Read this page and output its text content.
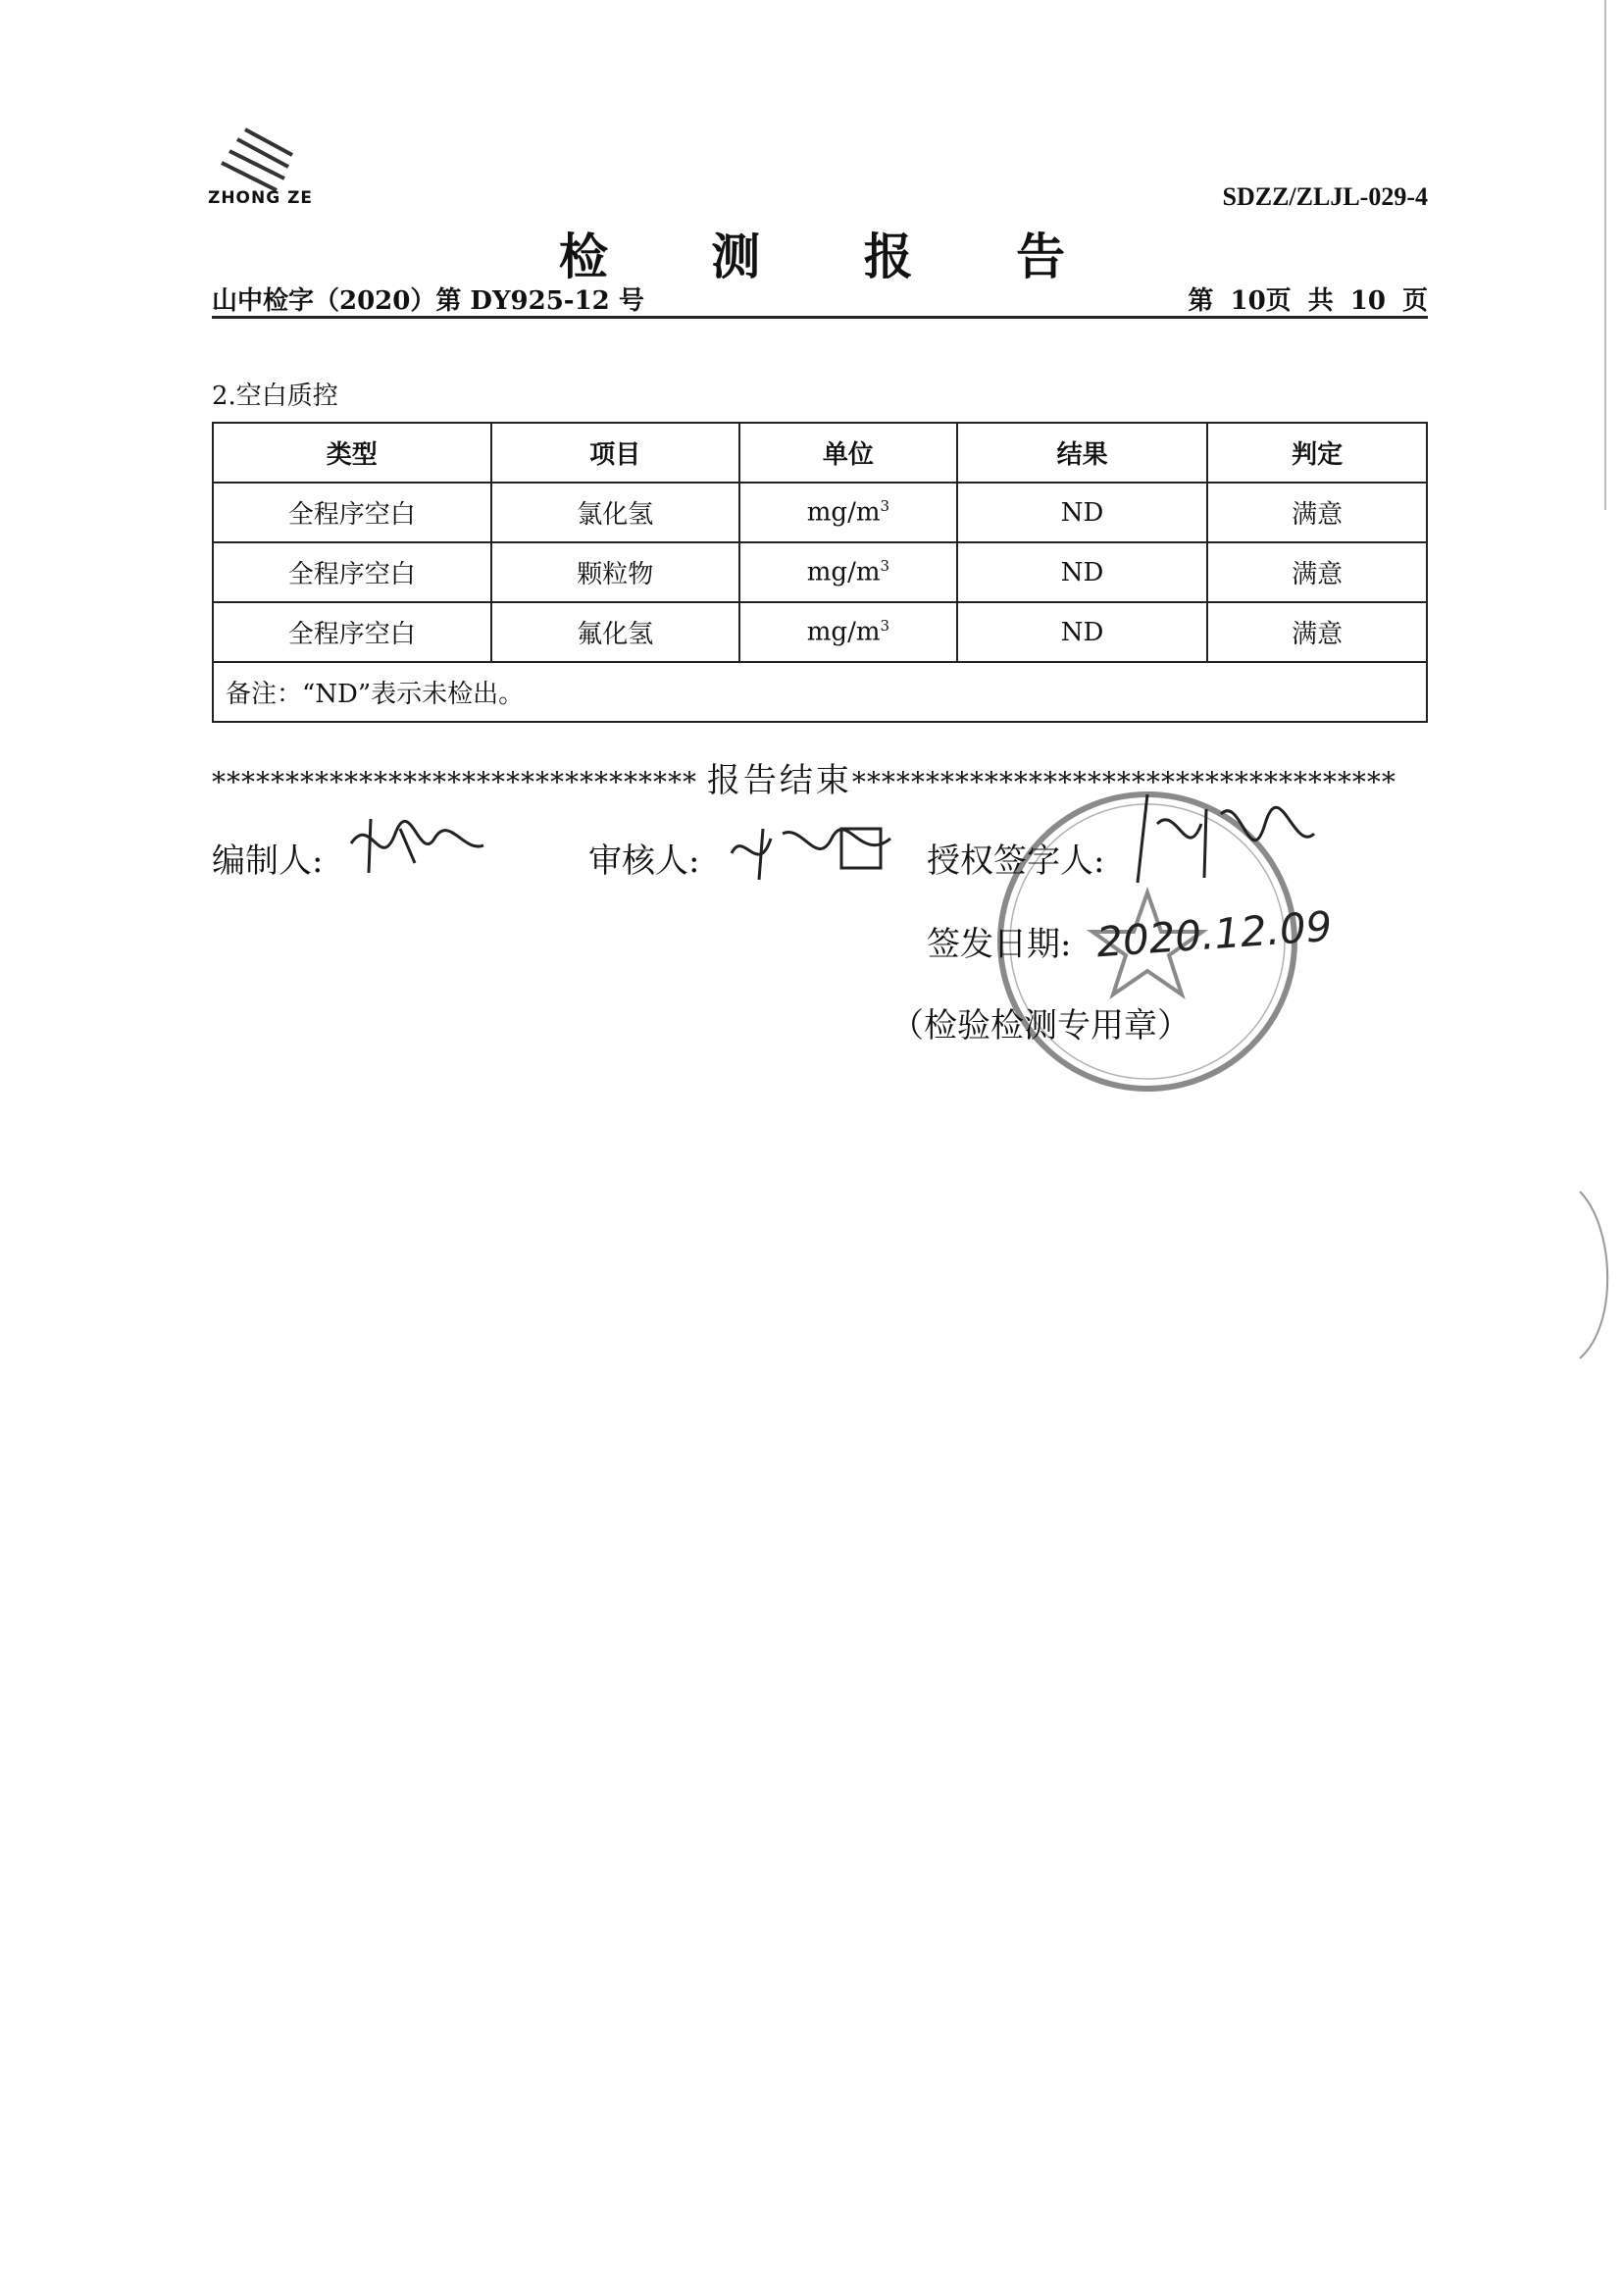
ZHONG ZE	SDZZ/ZLJL-029-4
检 测 报 告
山中检字（2020）第 DY925-12 号	第 10页 共 10 页
2.空白质控
类型	项目	单位	结果	判定
全程序空白	氯化氢	$mg/m^3$	ND	满意
全程序空白	颗粒物	$mg/m^3$	ND	满意
全程序空白	氟化氢	$mg/m^3$	ND	满意
备注：“ND”表示未检出。				
********************************* 报告结束*************************************
编制人:	审核人:	授权签字人:
签发日期: 2020.12.09
（检验检测专用章）
